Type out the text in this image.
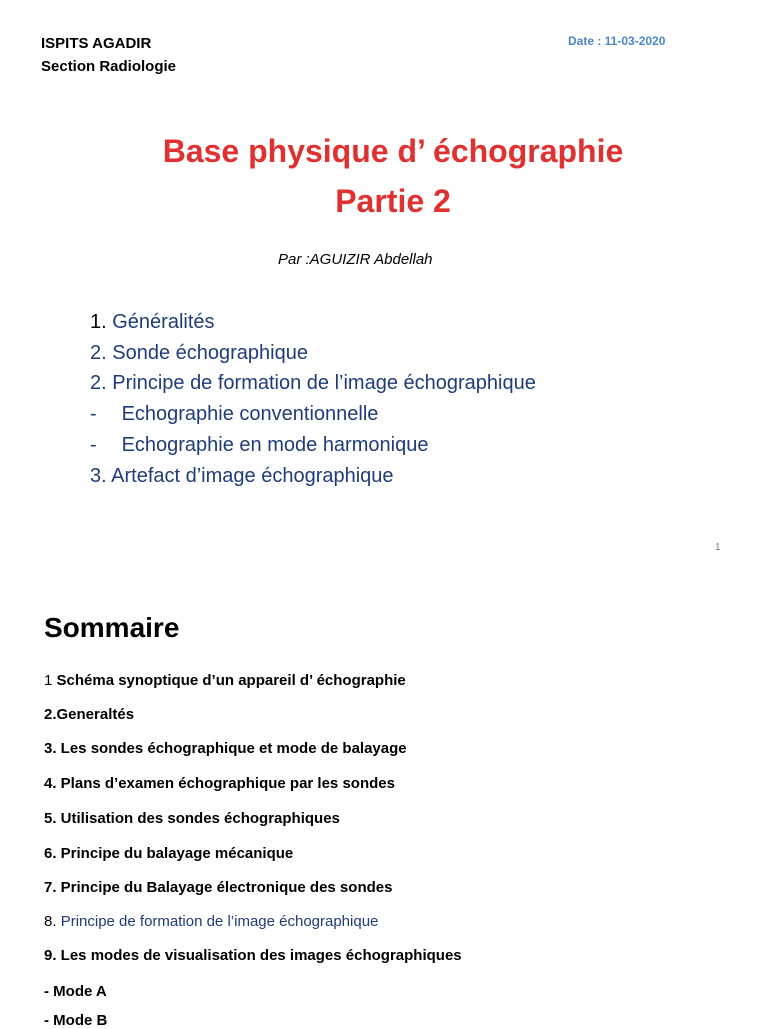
ISPITS AGADIR
Section Radiologie
Date : 11-03-2020
Base physique d’ échographie
Partie 2
Par :AGUIZIR Abdellah
1. Généralités
2. Sonde échographique
2. Principe de formation de l’image échographique
- Echographie conventionnelle
- Echographie en mode harmonique
3. Artefact d’image échographique
1
Sommaire
1 Schéma synoptique d’un appareil d’ échographie
2.Generaltés
3. Les sondes échographique et mode de balayage
4. Plans d’examen échographique par les sondes
5. Utilisation des sondes échographiques
6. Principe du balayage mécanique
7. Principe du Balayage électronique des sondes
8. Principe de formation de l’image échographique
9. Les modes de visualisation des images échographiques
- Mode A
- Mode B
